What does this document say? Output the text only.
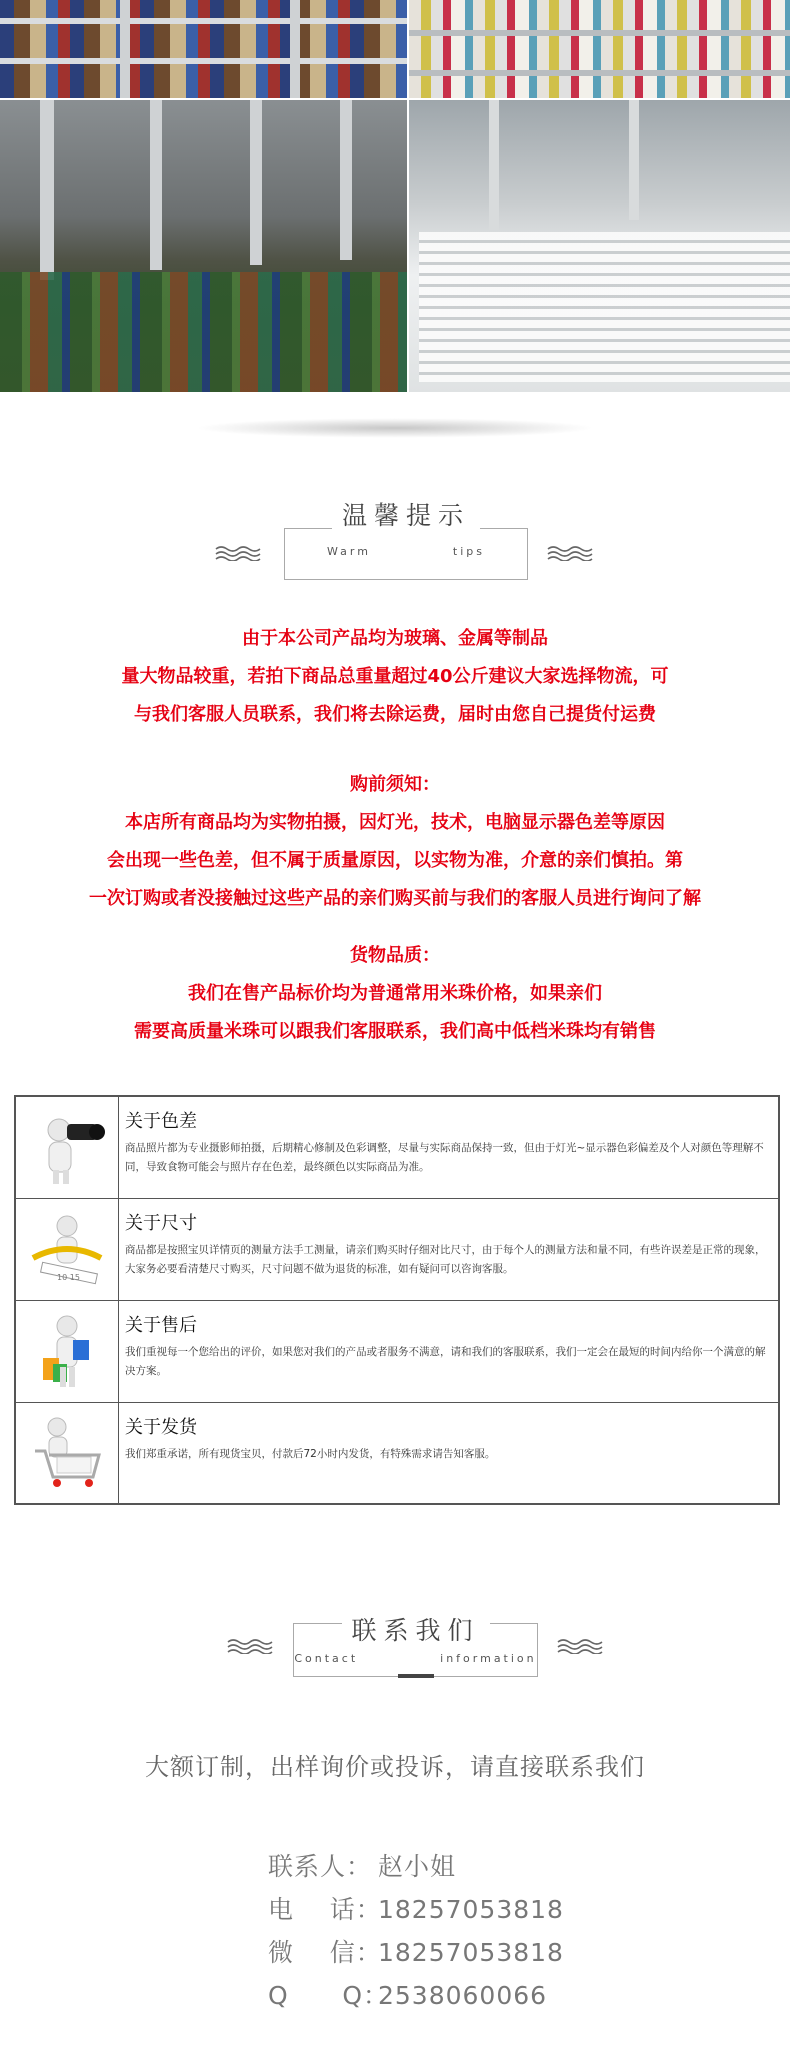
温馨提示
Warm    tips

由于本公司产品均为玻璃、金属等制品

量大物品较重，若拍下商品总重量超过40公斤建议大家选择物流，可

与我们客服人员联系，我们将去除运费，届时由您自己提货付运费

购前须知：

本店所有商品均为实物拍摄，因灯光，技术，电脑显示器色差等原因

会出现一些色差，但不属于质量原因，以实物为准，介意的亲们慎拍。第

一次订购或者没接触过这些产品的亲们购买前与我们的客服人员进行询问了解

货物品质：

我们在售产品标价均为普通常用米珠价格，如果亲们

需要高质量米珠可以跟我们客服联系，我们高中低档米珠均有销售

关于色差
商品照片都为专业摄影师拍摄，后期精心修制及色彩调整，尽量与实际商品保持一致，但由于灯光~显示器色彩偏差及个人对颜色等理解不同，导致食物可能会与照片存在色差，最终颜色以实际商品为准。
10 15
关于尺寸
商品都是按照宝贝详情页的测量方法手工测量，请亲们购买时仔细对比尺寸，由于每个人的测量方法和量不同，有些许误差是正常的现象，大家务必要看清楚尺寸购买，尺寸问题不做为退货的标准，如有疑问可以咨询客服。
关于售后
我们重视每一个您给出的评价，如果您对我们的产品或者服务不满意，请和我们的客服联系，我们一定会在最短的时间内给你一个满意的解决方案。
关于发货
我们郑重承诺，所有现货宝贝，付款后72小时内发货，有特殊需求请告知客服。
联系我们
Contact    information
大额订制，出样询价或投诉，请直接联系我们
联系人： 赵小姐
电    话：18257053818
微    信：18257053818
Q      Q：2538060066
